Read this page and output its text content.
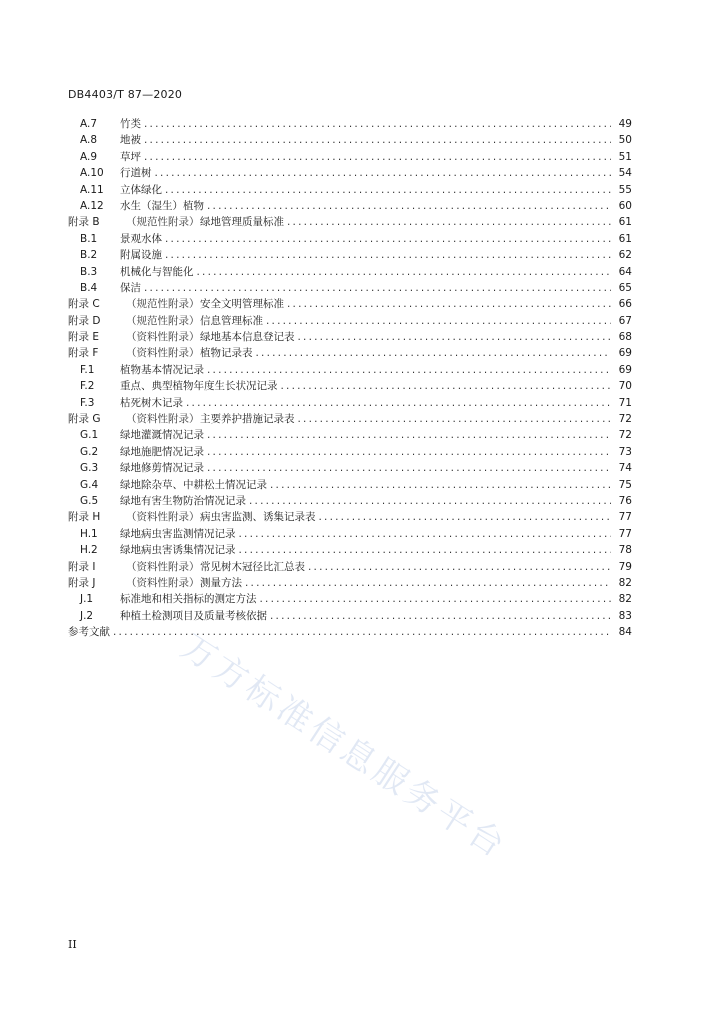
DB4403/T 87—2020
A.7	竹类 .....	49
A.8	地被 .....	50
A.9	草坪 .....	51
A.10	行道树 .....	54
A.11	立体绿化 .....	55
A.12	水生（湿生）植物 .....	60
附录 B	（规范性附录） 绿地管理质量标准 .....	61
B.1	景观水体 .....	61
B.2	附属设施 .....	62
B.3	机械化与智能化 .....	64
B.4	保洁 .....	65
附录 C	（规范性附录） 安全文明管理标准 .....	66
附录 D	（规范性附录） 信息管理标准 .....	67
附录 E	（资料性附录） 绿地基本信息登记表 .....	68
附录 F	（资料性附录） 植物记录表 .....	69
F.1	植物基本情况记录 .....	69
F.2	重点、典型植物年度生长状况记录 .....	70
F.3	枯死树木记录 .....	71
附录 G	（资料性附录） 主要养护措施记录表 .....	72
G.1	绿地灌溉情况记录 .....	72
G.2	绿地施肥情况记录 .....	73
G.3	绿地修剪情况记录 .....	74
G.4	绿地除杂草、中耕松土情况记录 .....	75
G.5	绿地有害生物防治情况记录 .....	76
附录 H	（资料性附录） 病虫害监测、诱集记录表 .....	77
H.1	绿地病虫害监测情况记录 .....	77
H.2	绿地病虫害诱集情况记录 .....	78
附录 I	（资料性附录） 常见树木冠径比汇总表 .....	79
附录 J	（资料性附录） 测量方法 .....	82
J.1	标准地和相关指标的测定方法 .....	82
J.2	种植土检测项目及质量考核依据 .....	83
参考文献 .....	84
II
万方标准信息服务平台
